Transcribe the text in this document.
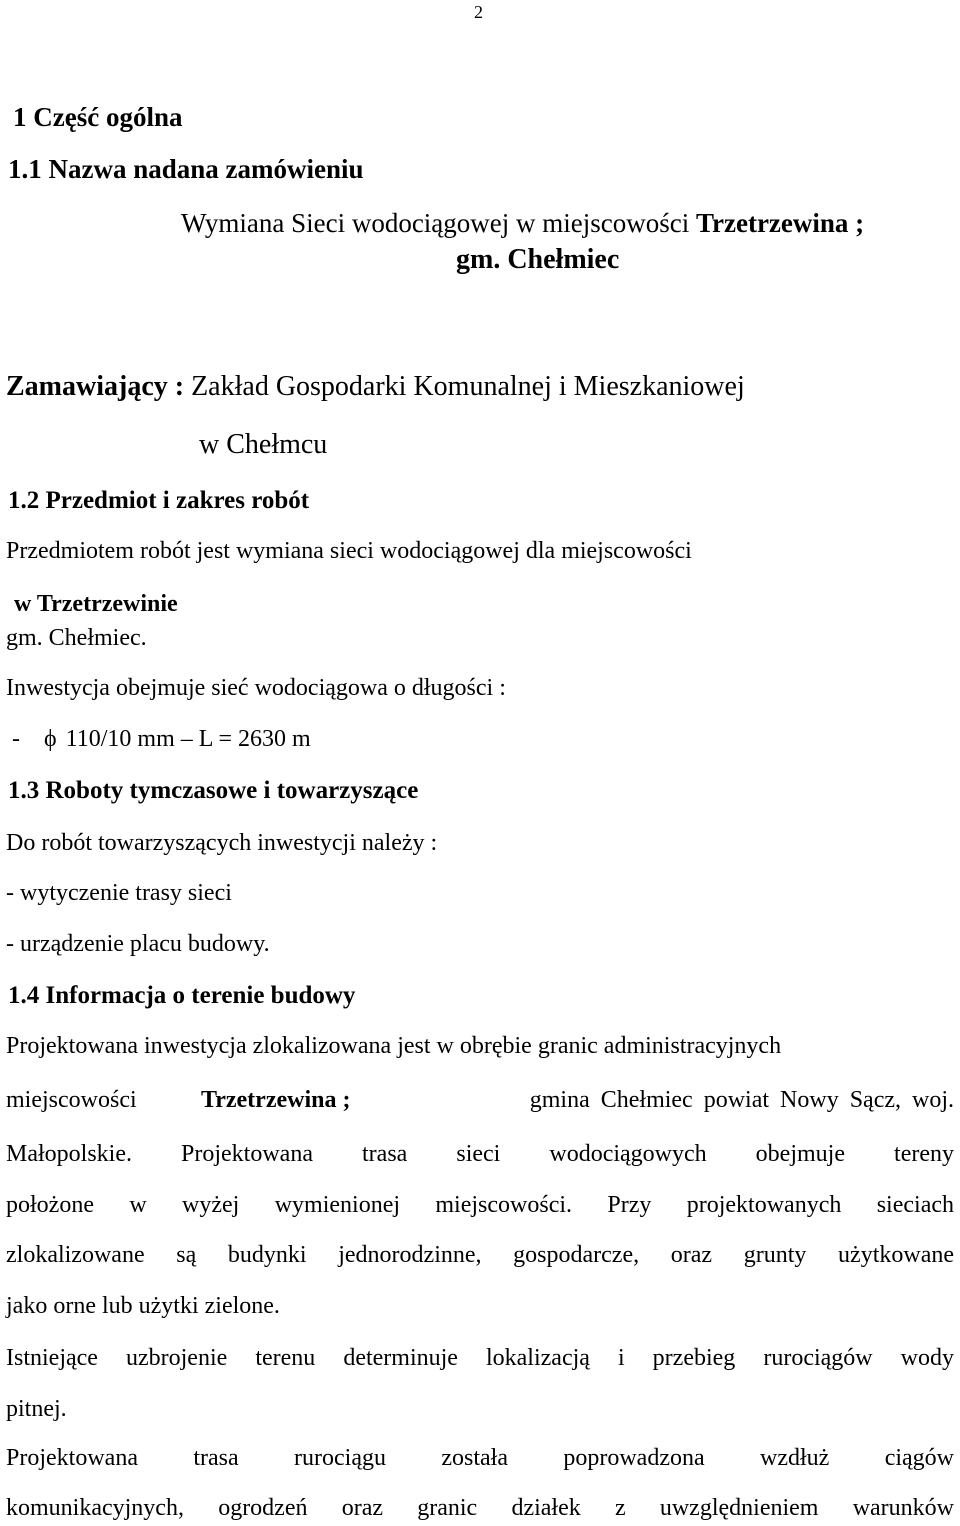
2
1 Część ogólna
1.1 Nazwa nadana zamówieniu
Wymiana Sieci wodociągowej w miejscowości Trzetrzewina ;
gm. Chełmiec
Zamawiający : Zakład Gospodarki Komunalnej i Mieszkaniowej
w Chełmcu
1.2 Przedmiot i zakres robót
Przedmiotem robót jest wymiana sieci wodociągowej dla miejscowości
w Trzetrzewinie
gm. Chełmiec.
Inwestycja obejmuje sieć wodociągowa o długości :
- ϕ 110/10 mm – L = 2630 m
1.3 Roboty tymczasowe i towarzyszące
Do robót towarzyszących inwestycji należy :
- wytyczenie trasy sieci
- urządzenie placu budowy.
1.4 Informacja o terenie budowy
Projektowana inwestycja zlokalizowana jest w obrębie granic administracyjnych
miejscowości	Trzetrzewina ;	gmina Chełmiec powiat Nowy Sącz, woj.
Małopolskie. Projektowana trasa sieci wodociągowych obejmuje tereny
położone w wyżej wymienionej miejscowości. Przy projektowanych sieciach
zlokalizowane są budynki jednorodzinne, gospodarcze, oraz grunty użytkowane
jako orne lub użytki zielone.
Istniejące uzbrojenie terenu determinuje lokalizacją i przebieg rurociągów wody
pitnej.
Projektowana trasa rurociągu została poprowadzona wzdłuż ciągów
komunikacyjnych, ogrodzeń oraz granic działek z uwzględnieniem warunków
